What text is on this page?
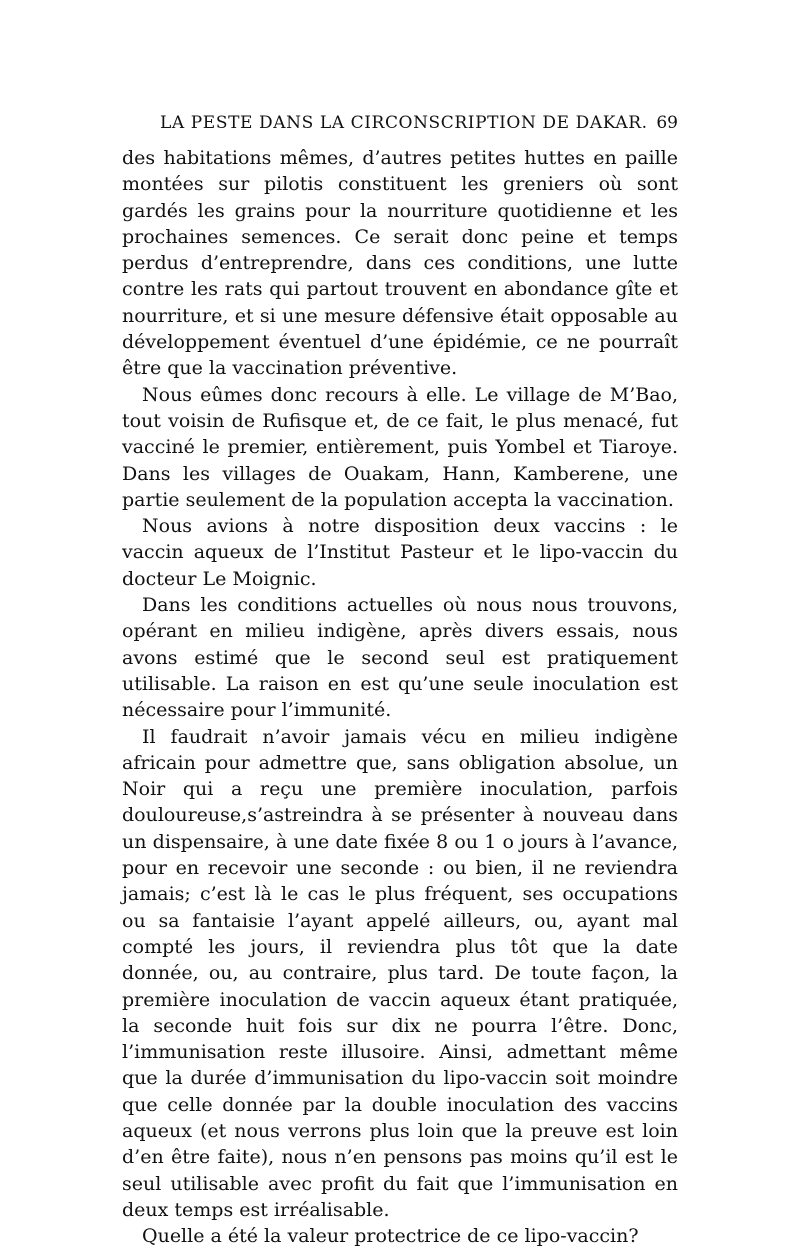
LA PESTE DANS LA CIRCONSCRIPTION DE DAKAR. 69

des habitations mêmes, d’autres petites huttes en paille montées sur pilotis constituent les greniers où sont gardés les grains pour la nourriture quotidienne et les prochaines semences. Ce serait donc peine et temps perdus d’entreprendre, dans ces conditions, une lutte contre les rats qui partout trouvent en abondance gîte et nourriture, et si une mesure défensive était opposable au développement éventuel d’une épidémie, ce ne pourraît être que la vaccination préventive.

Nous eûmes donc recours à elle. Le village de M’Bao, tout voisin de Rufisque et, de ce fait, le plus menacé, fut vacciné le premier, entièrement, puis Yombel et Tiaroye. Dans les villages de Ouakam, Hann, Kamberene, une partie seulement de la population accepta la vaccination.

Nous avions à notre disposition deux vaccins : le vaccin aqueux de l’Institut Pasteur et le lipo-vaccin du docteur Le Moignic.

Dans les conditions actuelles où nous nous trouvons, opérant en milieu indigène, après divers essais, nous avons estimé que le second seul est pratiquement utilisable. La raison en est qu’une seule inoculation est nécessaire pour l’immunité.

Il faudrait n’avoir jamais vécu en milieu indigène africain pour admettre que, sans obligation absolue, un Noir qui a reçu une première inoculation, parfois douloureuse,s’astreindra à se présenter à nouveau dans un dispensaire, à une date fixée 8 ou 1 o jours à l’avance, pour en recevoir une seconde : ou bien, il ne reviendra jamais; c’est là le cas le plus fréquent, ses occupations ou sa fantaisie l’ayant appelé ailleurs, ou, ayant mal compté les jours, il reviendra plus tôt que la date donnée, ou, au contraire, plus tard. De toute façon, la première inoculation de vaccin aqueux étant pratiquée, la seconde huit fois sur dix ne pourra l’être. Donc, l’immunisation reste illusoire. Ainsi, admettant même que la durée d’immunisation du lipo-vaccin soit moindre que celle donnée par la double inoculation des vaccins aqueux (et nous verrons plus loin que la preuve est loin d’en être faite), nous n’en pensons pas moins qu’il est le seul utilisable avec profit du fait que l’immunisation en deux temps est irréalisable.

Quelle a été la valeur protectrice de ce lipo-vaccin?
